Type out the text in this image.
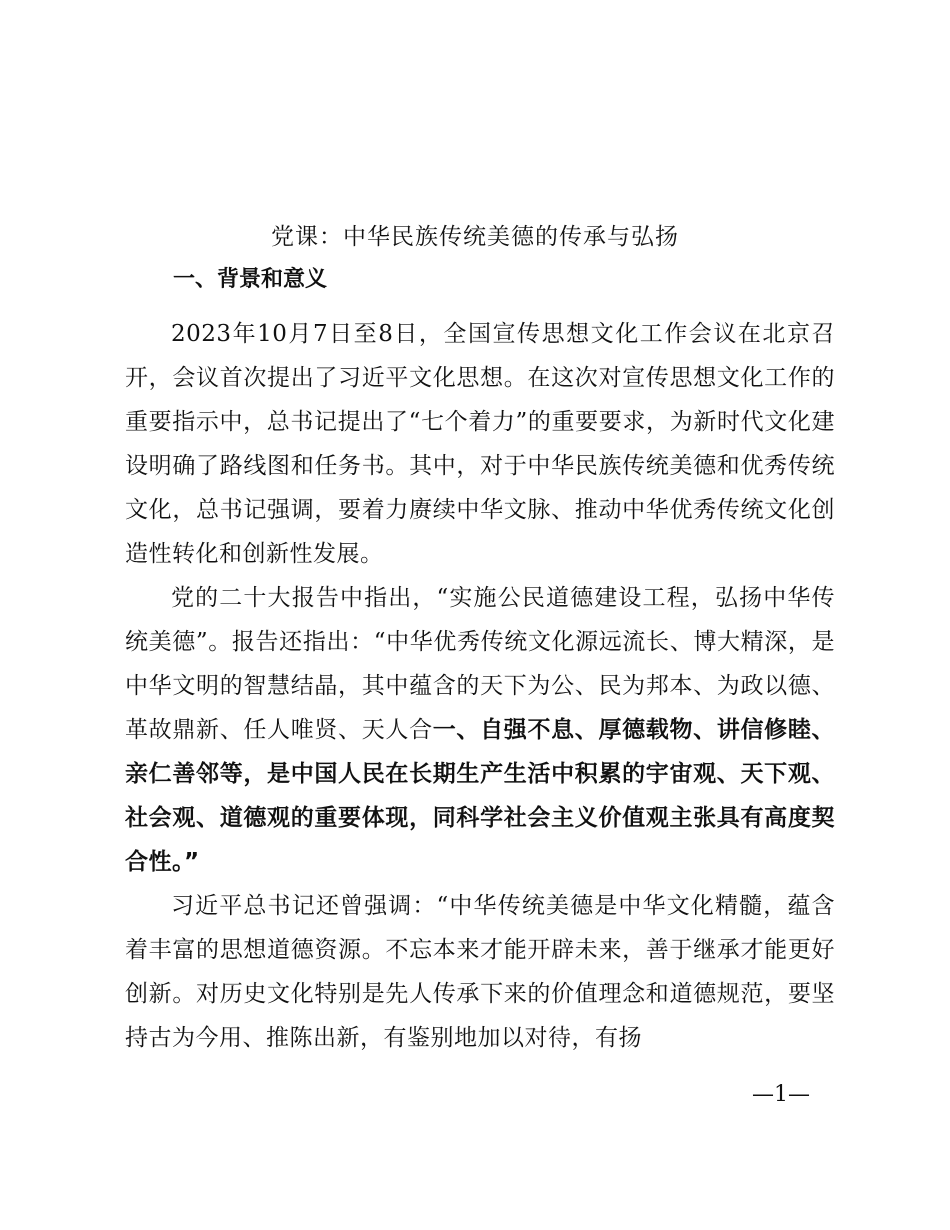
党课：中华民族传统美德的传承与弘扬
一、背景和意义

2023年10月7日至8日，全国宣传思想文化工作会议在北京召开，会议首次提出了习近平文化思想。在这次对宣传思想文化工作的重要指示中，总书记提出了“七个着力”的重要要求，为新时代文化建设明确了路线图和任务书。其中，对于中华民族传统美德和优秀传统文化，总书记强调，要着力赓续中华文脉、推动中华优秀传统文化创造性转化和创新性发展。

党的二十大报告中指出，“实施公民道德建设工程，弘扬中华传统美德”。报告还指出：“中华优秀传统文化源远流长、博大精深，是中华文明的智慧结晶，其中蕴含的天下为公、民为邦本、为政以德、革故鼎新、任人唯贤、天人合一、自强不息、厚德载物、讲信修睦、亲仁善邻等，是中国人民在长期生产生活中积累的宇宙观、天下观、社会观、道德观的重要体现，同科学社会主义价值观主张具有高度契合性。”

习近平总书记还曾强调：“中华传统美德是中华文化精髓，蕴含着丰富的思想道德资源。不忘本来才能开辟未来，善于继承才能更好创新。对历史文化特别是先人传承下来的价值理念和道德规范，要坚持古为今用、推陈出新，有鉴别地加以对待，有扬

—1—
